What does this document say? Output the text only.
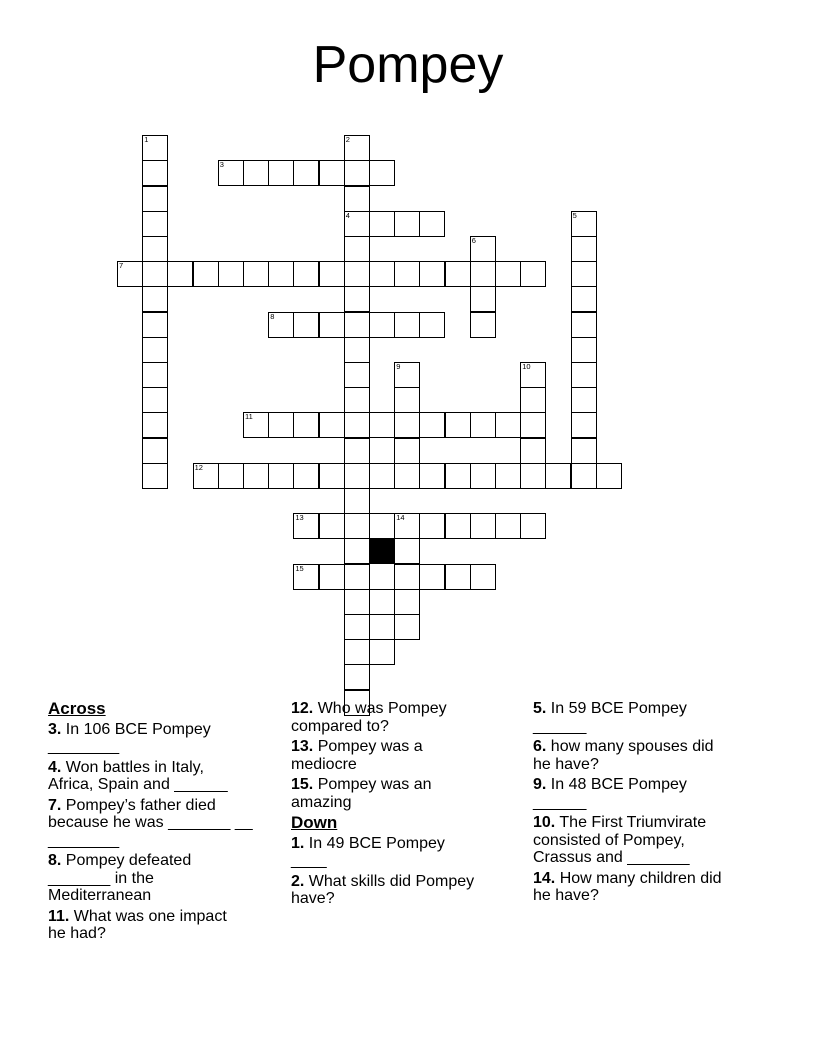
Pompey
1	2
4
3
5
6
7
8
9	10
11
12
13	14
15
Across
3. In 106 BCE Pompey
________
4. Won battles in Italy,
Africa, Spain and ______
7. Pompey’s father died
because he was _______ __
________
8. Pompey defeated
_______ in the
Mediterranean
11. What was one impact
he had?
12. Who was Pompey
compared to?
13. Pompey was a
mediocre
15. Pompey was an
amazing
Down
1. In 49 BCE Pompey
____
2. What skills did Pompey
have?
5. In 59 BCE Pompey
______
6. how many spouses did
he have?
9. In 48 BCE Pompey
______
10. The First Triumvirate
consisted of Pompey,
Crassus and _______
14. How many children did
he have?
